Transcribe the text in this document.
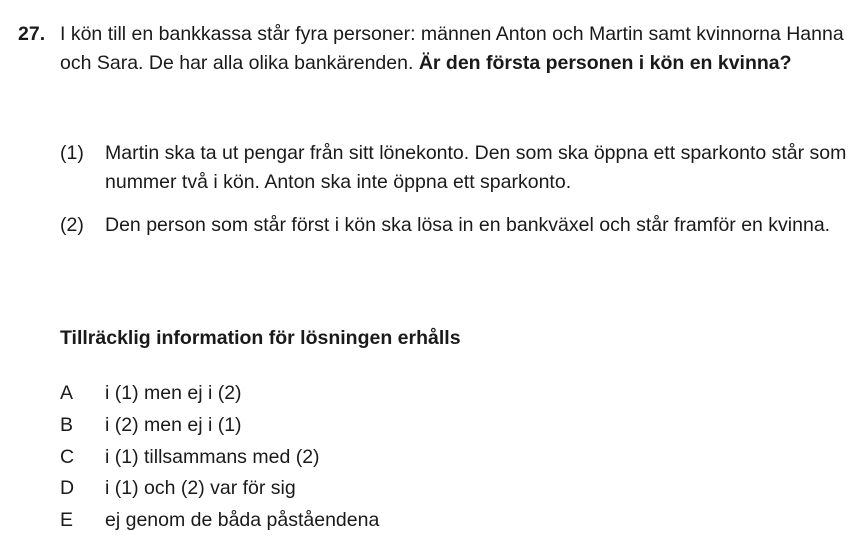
27. I kön till en bankkassa står fyra personer: männen Anton och Martin samt kvinnorna Hanna och Sara. De har alla olika bankärenden. Är den första personen i kön en kvinna?
(1) Martin ska ta ut pengar från sitt lönekonto. Den som ska öppna ett sparkonto står som nummer två i kön. Anton ska inte öppna ett sparkonto.
(2) Den person som står först i kön ska lösa in en bankväxel och står framför en kvinna.
Tillräcklig information för lösningen erhålls
A i (1) men ej i (2)
B i (2) men ej i (1)
C i (1) tillsammans med (2)
D i (1) och (2) var för sig
E ej genom de båda påståendena
